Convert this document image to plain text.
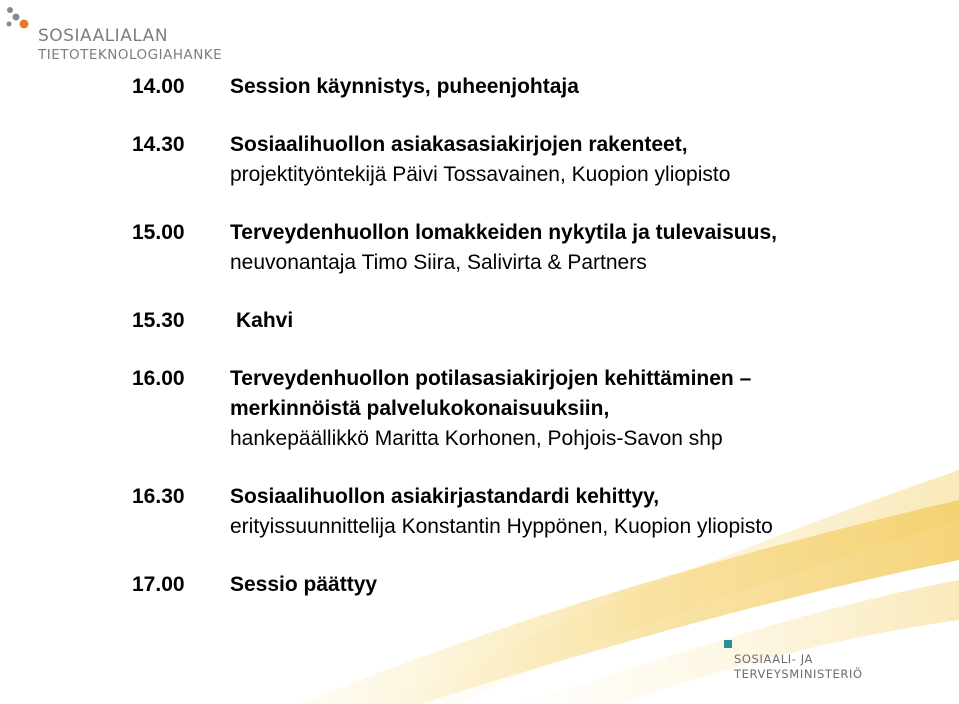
SOSIAALIALAN
TIETOTEKNOLOGIAHANKE
14.00	Session käynnistys, puheenjohtaja
14.30	Sosiaalihuollon asiakasasiakirjojen rakenteet,
projektityöntekijä Päivi Tossavainen, Kuopion yliopisto
15.00	Terveydenhuollon lomakkeiden nykytila ja tulevaisuus,
neuvonantaja Timo Siira, Salivirta & Partners
15.30	Kahvi
16.00	Terveydenhuollon potilasasiakirjojen kehittäminen –
merkinnöistä palvelukokonaisuuksiin,
hankepäällikkö Maritta Korhonen, Pohjois-Savon shp
16.30	Sosiaalihuollon asiakirjastandardi kehittyy,
erityissuunnittelija Konstantin Hyppönen, Kuopion yliopisto
17.00	Sessio päättyy
SOSIAALI- JA
TERVEYSMINISTERIÖ
